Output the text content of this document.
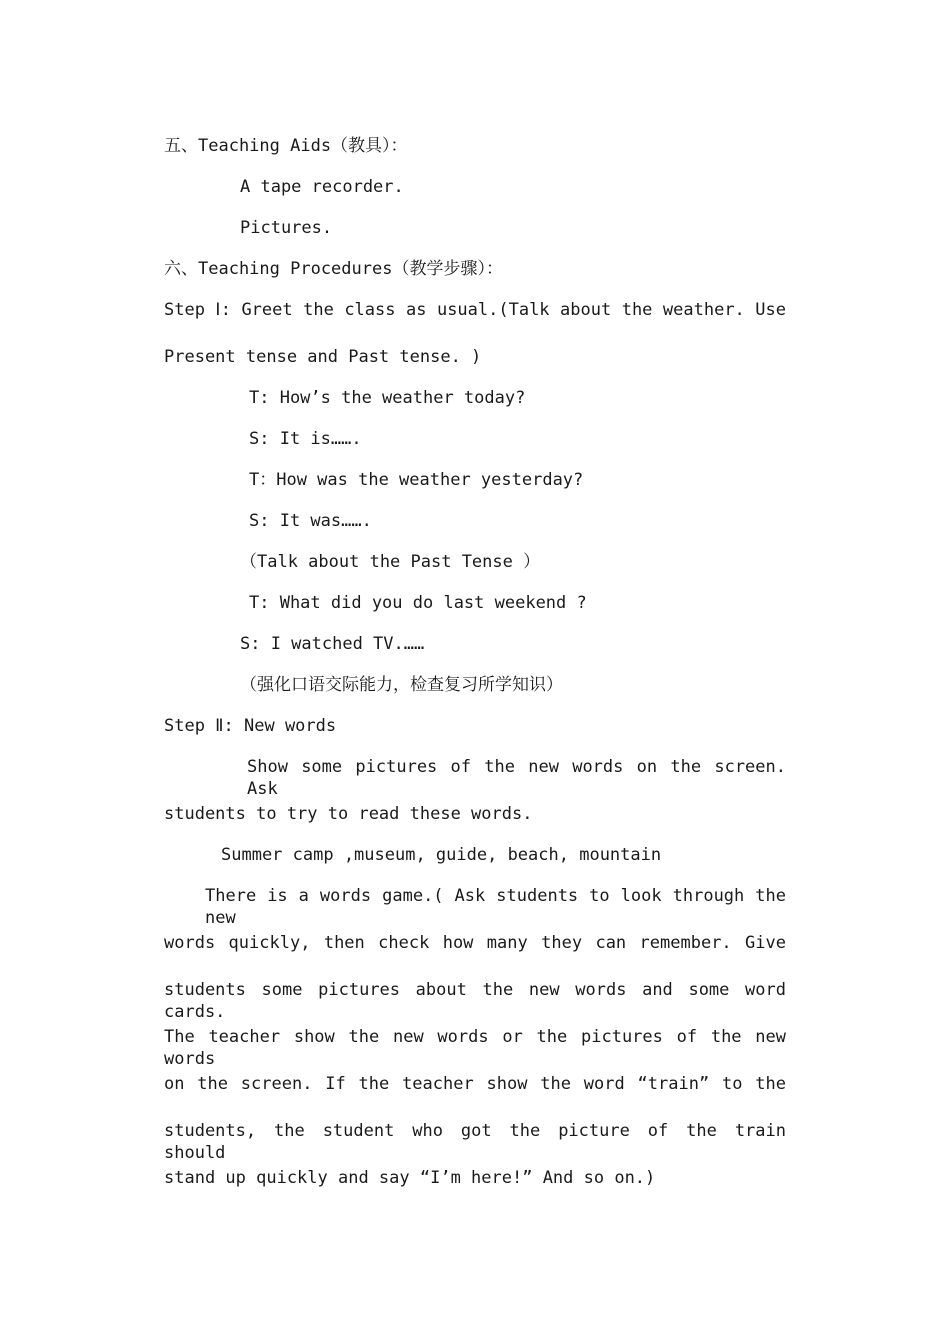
五、Teaching Aids（教具）：
A tape recorder.
Pictures.
六、Teaching Procedures（教学步骤）：
Step Ⅰ: Greet the class as usual.(Talk about the weather. Use
Present tense and Past tense. )
T: How’s the weather today?
S: It is…….
T：How was the weather yesterday?
S: It was…….
（Talk about the Past Tense ）
T: What did you do last weekend ?
S: I watched TV.……
（强化口语交际能力，检查复习所学知识）
Step Ⅱ: New words
Show some pictures of the new words on the screen. Ask
students to try to read these words.
Summer camp ,museum, guide, beach, mountain
There is a words game.( Ask students to look through the new
words quickly, then check how many they can remember. Give
students some pictures about the new words and some word cards.
The teacher show the new words or the pictures of the new words
on the screen. If the teacher show the word “train” to the
students, the student who got the picture of the train should
stand up quickly and say “I’m here!” And so on.)
